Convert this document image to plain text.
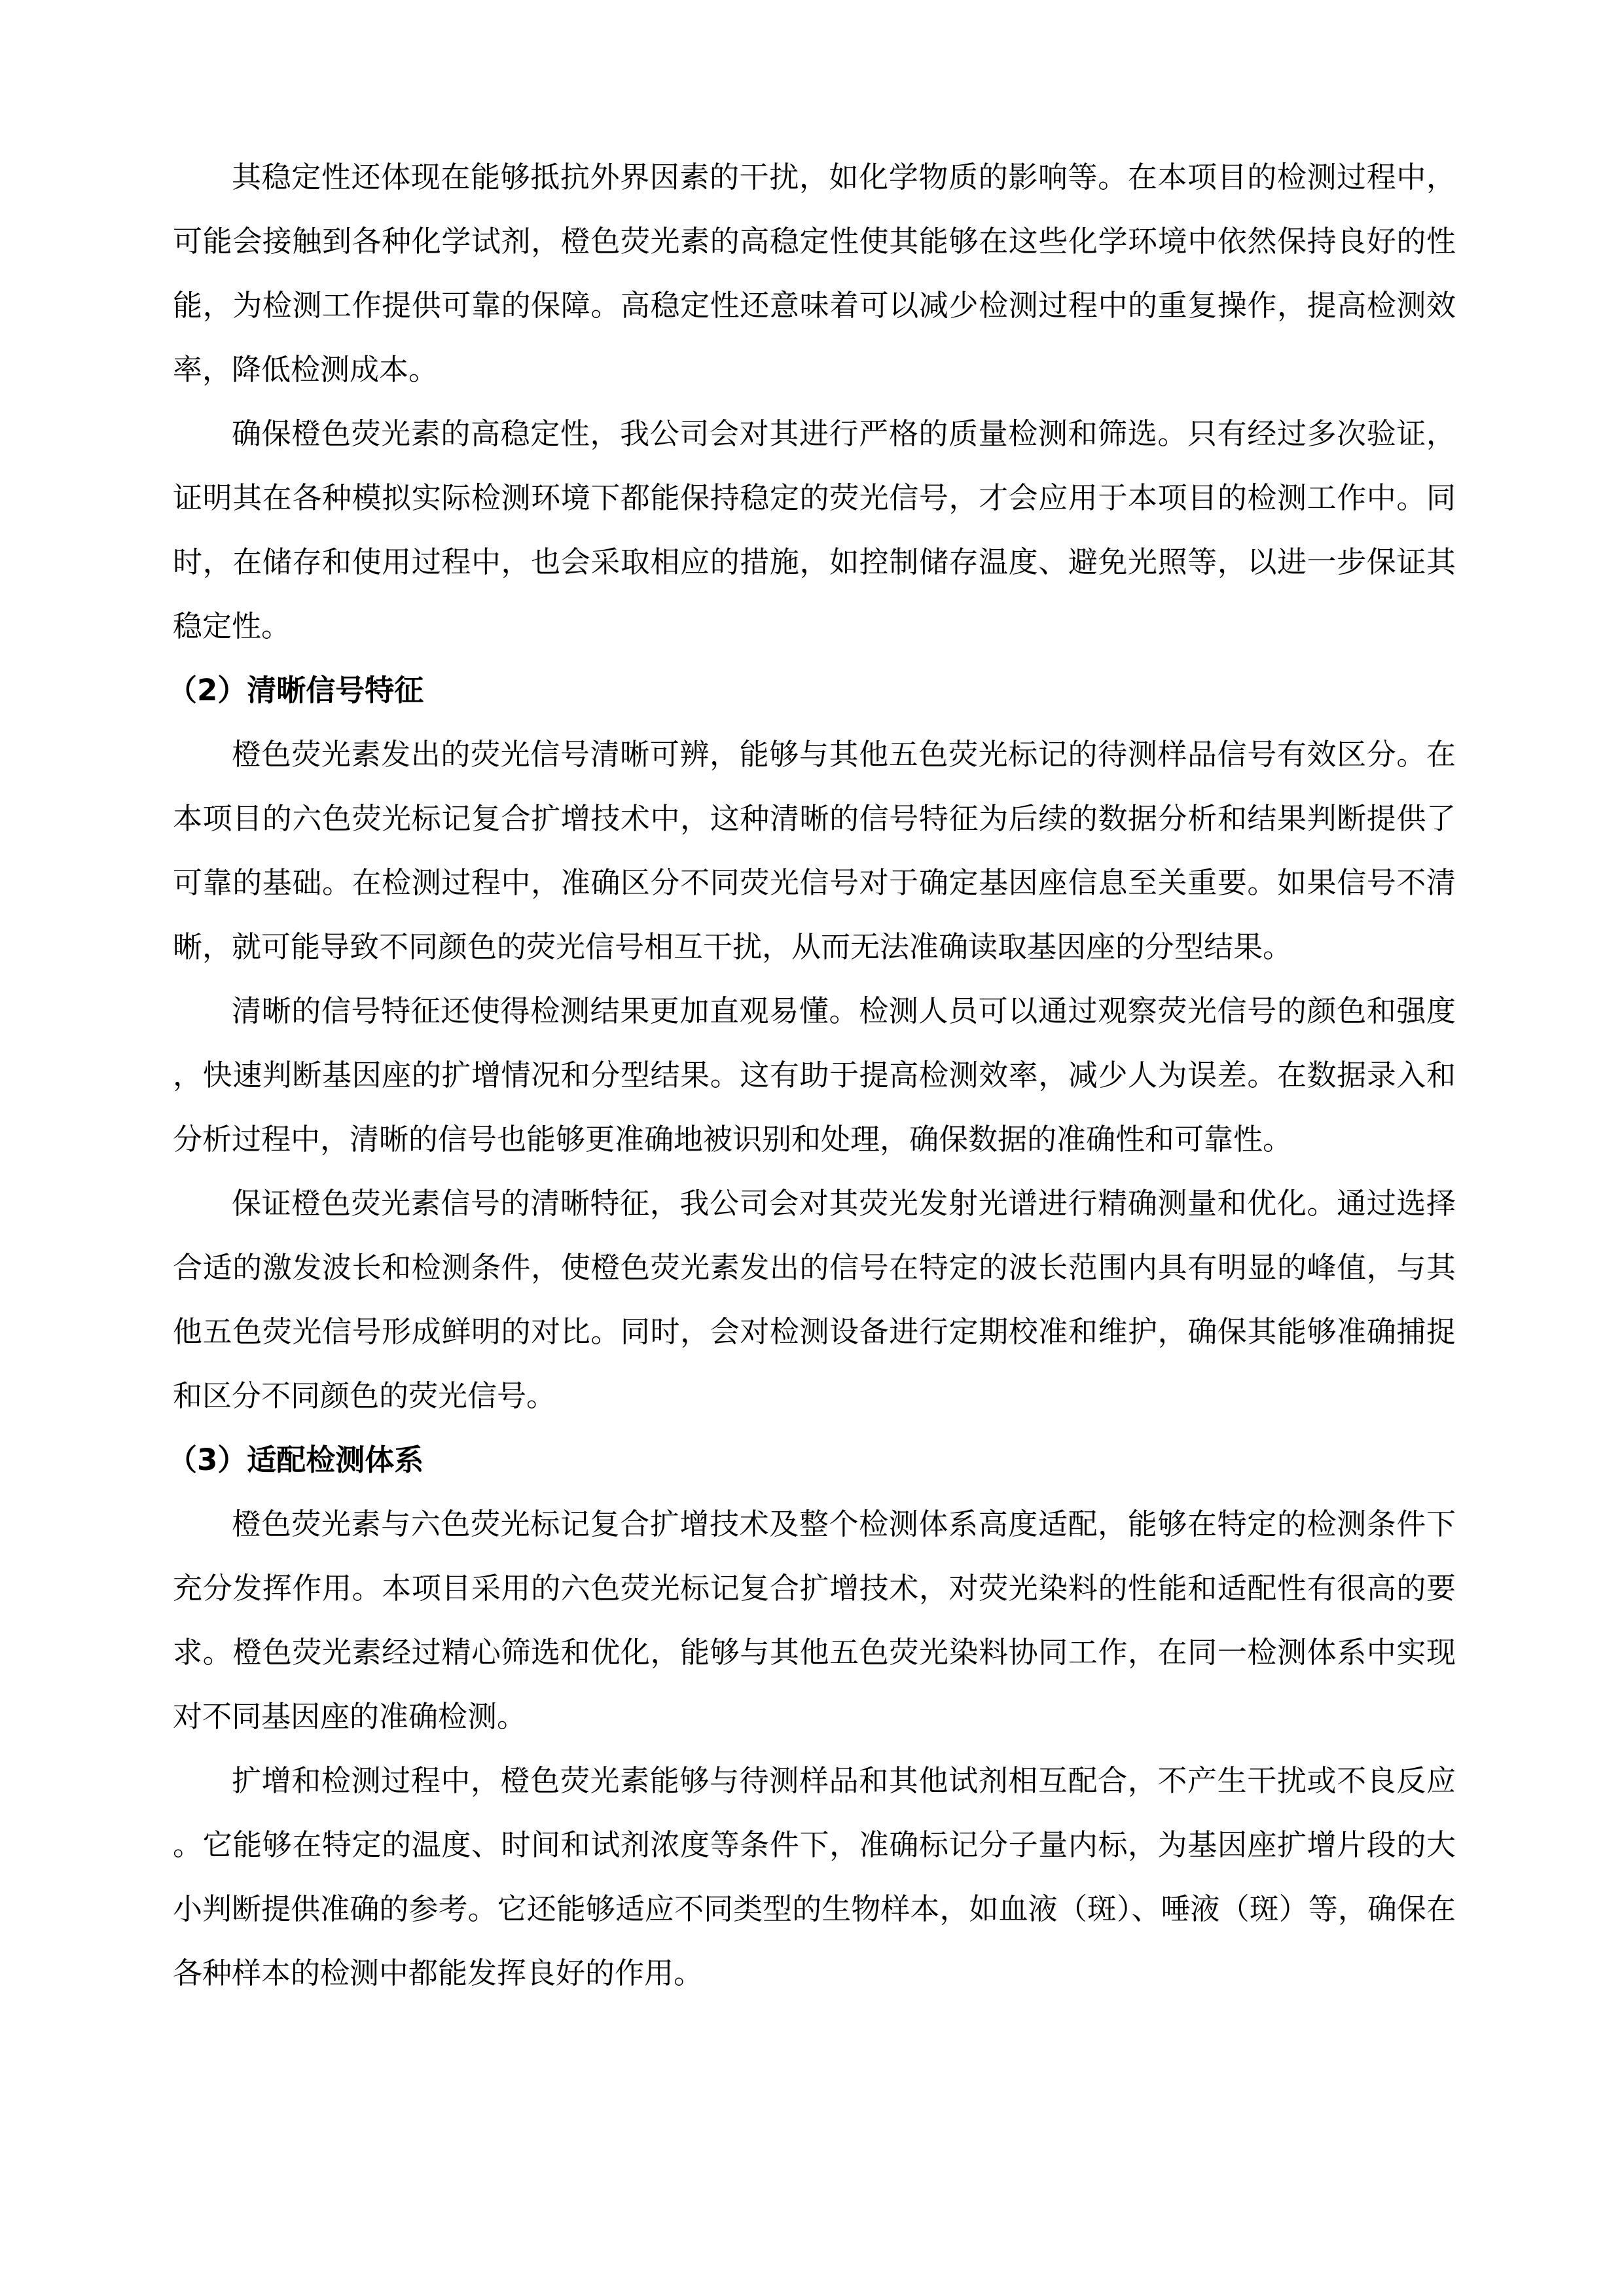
其稳定性还体现在能够抵抗外界因素的干扰，如化学物质的影响等。在本项目的检测过程中，可能会接触到各种化学试剂，橙色荧光素的高稳定性使其能够在这些化学环境中依然保持良好的性能，为检测工作提供可靠的保障。高稳定性还意味着可以减少检测过程中的重复操作，提高检测效率，降低检测成本。

确保橙色荧光素的高稳定性，我公司会对其进行严格的质量检测和筛选。只有经过多次验证，证明其在各种模拟实际检测环境下都能保持稳定的荧光信号，才会应用于本项目的检测工作中。同时，在储存和使用过程中，也会采取相应的措施，如控制储存温度、避免光照等，以进一步保证其稳定性。

（2）清晰信号特征

橙色荧光素发出的荧光信号清晰可辨，能够与其他五色荧光标记的待测样品信号有效区分。在本项目的六色荧光标记复合扩增技术中，这种清晰的信号特征为后续的数据分析和结果判断提供了可靠的基础。在检测过程中，准确区分不同荧光信号对于确定基因座信息至关重要。如果信号不清晰，就可能导致不同颜色的荧光信号相互干扰，从而无法准确读取基因座的分型结果。

清晰的信号特征还使得检测结果更加直观易懂。检测人员可以通过观察荧光信号的颜色和强度，快速判断基因座的扩增情况和分型结果。这有助于提高检测效率，减少人为误差。在数据录入和分析过程中，清晰的信号也能够更准确地被识别和处理，确保数据的准确性和可靠性。

保证橙色荧光素信号的清晰特征，我公司会对其荧光发射光谱进行精确测量和优化。通过选择合适的激发波长和检测条件，使橙色荧光素发出的信号在特定的波长范围内具有明显的峰值，与其他五色荧光信号形成鲜明的对比。同时，会对检测设备进行定期校准和维护，确保其能够准确捕捉和区分不同颜色的荧光信号。

（3）适配检测体系

橙色荧光素与六色荧光标记复合扩增技术及整个检测体系高度适配，能够在特定的检测条件下充分发挥作用。本项目采用的六色荧光标记复合扩增技术，对荧光染料的性能和适配性有很高的要求。橙色荧光素经过精心筛选和优化，能够与其他五色荧光染料协同工作，在同一检测体系中实现对不同基因座的准确检测。

扩增和检测过程中，橙色荧光素能够与待测样品和其他试剂相互配合，不产生干扰或不良反应。它能够在特定的温度、时间和试剂浓度等条件下，准确标记分子量内标，为基因座扩增片段的大小判断提供准确的参考。它还能够适应不同类型的生物样本，如血液（斑）、唾液（斑）等，确保在各种样本的检测中都能发挥良好的作用。
